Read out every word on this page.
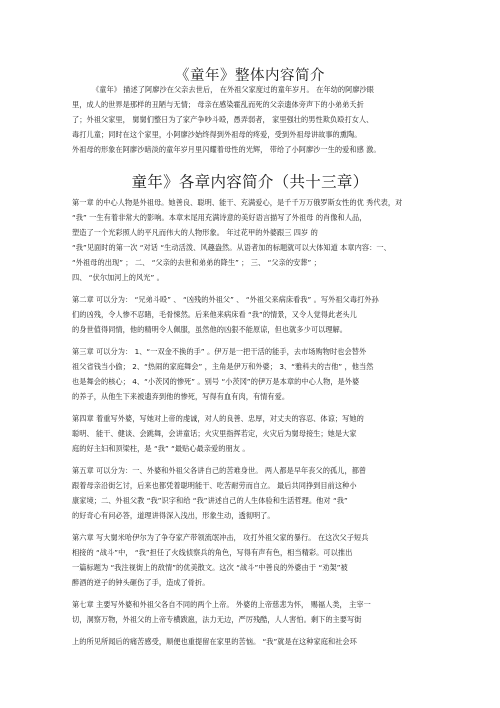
《童年》整体内容简介
《童年》 描述了阿廖沙在父亲去世后， 在外祖父家度过的童年岁月。 在年幼的阿廖沙眼
里，成人的世界是那样的丑陋与无情； 母亲在感染霍乱而死的父亲遗体旁声下的小弟弟夭折
了；外祖父家里， 舅舅们整日为了家产争吵斗殴，愚弄弱者， 家里强壮的男性欺负殴打女人、
毒打儿童；同时在这个家里，小阿廖沙始终得到外祖母的疼爱，受到外祖母讲故事的熏陶。
外祖母的形象在阿廖沙暗淡的童年岁月里闪耀着母性的光辉， 带给了小阿廖沙一生的爱和感 激。
童年》各章内容简介（共十三章）
第一章 的中心人物是外祖母。她善良、聪明、能干、充满爱心，是千千万万俄罗斯女性的优 秀代表，对
“我” 一生有着非常大的影响。本章末尾用充满诗意的美好语言描写了外祖母 的肖像和人品，
塑造了一个光彩照人的平凡而伟大的人物形象。 年过花甲的外婆跟三 四岁 的
“我”见面时的第一次 “对话 “生动活泼、风趣盎然。从语者加的标题就可以大体知道 本章内容：一、
“外祖母的出现” ； 二、 “父亲的去世和弟弟的降生” ； 三、 “父亲的安葬” ；
四、 “伏尔加河上的风光” 。
第二章 可以分为： “兄弟斗殴” 、 “凶残的外祖父” 、 “外祖父来病床看我” 。写外祖父毒打外孙
们的凶残，令人惨不忍睹，毛骨悚然。后来他来病床看 “我”的情景，又令人觉得此老头儿
的身世值得同情，他的精明令人佩服，虽然他的凶狠不能原谅，但也就多少可以理解。
第三章 可以分为： 1、“一双金不换的手” 。伊万是一把干活的能手，去市场购物时也会替外
祖父省钱当小偷； 2、“热闹的家庭舞会” ，主角是伊万和外婆； 3、“雅科夫的吉他” ，他当然
也是舞会的核心； 4、“小茨冈的惨死” 。别号 “小茨冈”的伊万是本章的中心人物，是外婆
的养子，从他生下来被遗弃到他的惨死，写得有血有肉，有情有爱。
第四章 着重写外婆，写她对上帝的虔诚，对人的良善、忠厚，对丈夫的容忍、体谅；写她的
聪明、 能干、健谈、会跳舞，会讲童话；火灾里指挥若定，火灾后为舅母接生；她是大家
庭的好主妇和顶梁柱，是 “我” “最贴心最亲爱的朋友 。
第五章 可以分为：一、外婆和外祖父各讲自己的苦难身世。 两人都是早年丧父的孤儿，都曾
跟着母亲沿街乞讨，后来也都凭着聪明能干、吃苦耐劳而自立。 最后共同挣到目前这种小
康家境；二、外祖父教 “我”识字和给 “我”讲述自己的人生体验和生活哲理。他对 “我”
的好奇心有问必答，道理讲得深入浅出，形象生动，透彻明了。
第六章 写大舅米哈伊尔为了争夺家产带领流氓冲击， 攻打外祖父家的暴行。 在这次父子短兵
相接的 “战斗”中， “我”担任了火线侦察兵的角色，写得有声有色，相当精彩。可以推出
一篇标题为 “我注视街上的敌情”的优美散文。这次 “战斗”中善良的外婆由于 “劝架”被
醉酒的逆子的钟头砸伤了手，造成了骨折。
第七章 主要写外婆和外祖父各自不同的两个上帝。 外婆的上帝慈悲为怀， 赐福人类， 主宰一
切，洞察万物，外祖父的上帝专横跋扈，法力无边，严厉残酷，人人害怕。剩下的主要写街
上的所见所闻后的痛苦感受，顺便也重提留在家里的苦恼。 “我”就是在这种家庭和社会环
